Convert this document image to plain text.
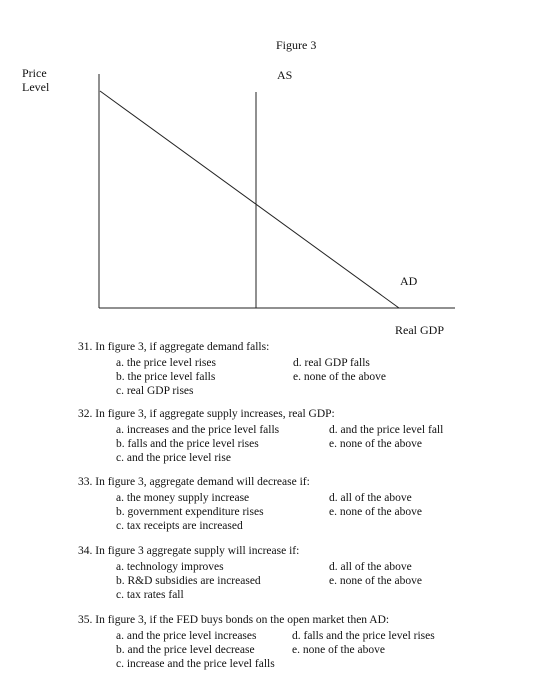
Figure 3
Price
Level
AS
AD
Real GDP
31. In figure 3, if aggregate demand falls:
a. the price level rises
b. the price level falls
c. real GDP rises
d. real GDP falls
e. none of the above
32. In figure 3, if aggregate supply increases, real GDP:
a. increases and the price level falls
b. falls and the price level rises
c. and the price level rise
d. and the price level fall
e. none of the above
33. In figure 3, aggregate demand will decrease if:
a. the money supply increase
b. government expenditure rises
c. tax receipts are increased
d. all of the above
e. none of the above
34. In figure 3 aggregate supply will increase if:
a. technology improves
b. R&D subsidies are increased
c. tax rates fall
d. all of the above
e. none of the above
35. In figure 3, if the FED buys bonds on the open market then AD:
a. and the price level increases
b. and the price level decrease
c. increase and the price level falls
d. falls and the price level rises
e. none of the above
